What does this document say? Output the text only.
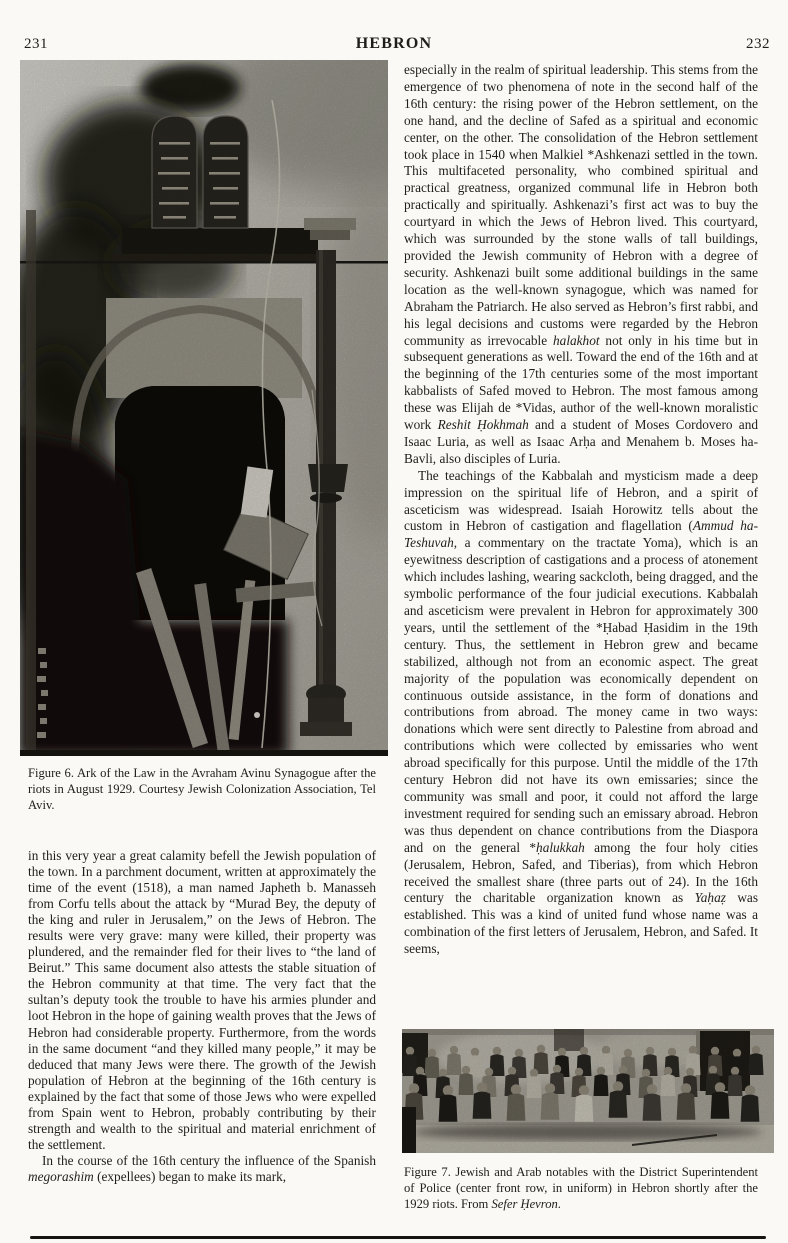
231	HEBRON	232
Figure 6. Ark of the Law in the Avraham Avinu Synagogue after the riots in August 1929. Courtesy Jewish Colonization Association, Tel Aviv.

in this very year a great calamity befell the Jewish population of the town. In a parchment document, written at approximately the time of the event (1518), a man named Japheth b. Manasseh from Corfu tells about the attack by “Murad Bey, the deputy of the king and ruler in Jerusalem,” on the Jews of Hebron. The results were very grave: many were killed, their property was plundered, and the remainder fled for their lives to “the land of Beirut.” This same document also attests the stable situation of the Hebron community at that time. The very fact that the sultan’s deputy took the trouble to have his armies plunder and loot Hebron in the hope of gaining wealth proves that the Jews of Hebron had considerable property. Furthermore, from the words in the same document “and they killed many people,” it may be deduced that many Jews were there. The growth of the Jewish population of Hebron at the beginning of the 16th century is explained by the fact that some of those Jews who were expelled from Spain went to Hebron, probably contributing by their strength and wealth to the spiritual and material enrichment of the settlement.

In the course of the 16th century the influence of the Spanish megorashim (expellees) began to make its mark,

especially in the realm of spiritual leadership. This stems from the emergence of two phenomena of note in the second half of the 16th century: the rising power of the Hebron settlement, on the one hand, and the decline of Safed as a spiritual and economic center, on the other. The consolidation of the Hebron settlement took place in 1540 when Malkiel *Ashkenazi settled in the town. This multifaceted personality, who combined spiritual and practical greatness, organized communal life in Hebron both practically and spiritually. Ashkenazi’s first act was to buy the courtyard in which the Jews of Hebron lived. This courtyard, which was surrounded by the stone walls of tall buildings, provided the Jewish community of Hebron with a degree of security. Ashkenazi built some additional buildings in the same location as the well-known synagogue, which was named for Abraham the Patriarch. He also served as Hebron’s first rabbi, and his legal decisions and customs were regarded by the Hebron community as irrevocable halakhot not only in his time but in subsequent generations as well. Toward the end of the 16th and at the beginning of the 17th centuries some of the most important kabbalists of Safed moved to Hebron. The most famous among these was Elijah de *Vidas, author of the well-known moralistic work Reshit Ḥokhmah and a student of Moses Cordovero and Isaac Luria, as well as Isaac Arḥa and Menahem b. Moses ha-Bavli, also disciples of Luria.

The teachings of the Kabbalah and mysticism made a deep impression on the spiritual life of Hebron, and a spirit of asceticism was widespread. Isaiah Horowitz tells about the custom in Hebron of castigation and flagellation (Ammud ha-Teshuvah, a commentary on the tractate Yoma), which is an eyewitness description of castigations and a process of atonement which includes lashing, wearing sackcloth, being dragged, and the symbolic performance of the four judicial executions. Kabbalah and asceticism were prevalent in Hebron for approximately 300 years, until the settlement of the *Ḥabad Ḥasidim in the 19th century. Thus, the settlement in Hebron grew and became stabilized, although not from an economic aspect. The great majority of the population was economically dependent on continuous outside assistance, in the form of donations and contributions from abroad. The money came in two ways: donations which were sent directly to Palestine from abroad and contributions which were collected by emissaries who went abroad specifically for this purpose. Until the middle of the 17th century Hebron did not have its own emissaries; since the community was small and poor, it could not afford the large investment required for sending such an emissary abroad. Hebron was thus dependent on chance contributions from the Diaspora and on the general *ḥalukkah among the four holy cities (Jerusalem, Hebron, Safed, and Tiberias), from which Hebron received the smallest share (three parts out of 24). In the 16th century the charitable organization known as Yaḥaẓ was established. This was a kind of united fund whose name was a combination of the first letters of Jerusalem, Hebron, and Safed. It seems,

Figure 7. Jewish and Arab notables with the District Superintendent of Police (center front row, in uniform) in Hebron shortly after the 1929 riots. From Sefer Ḥevron.
